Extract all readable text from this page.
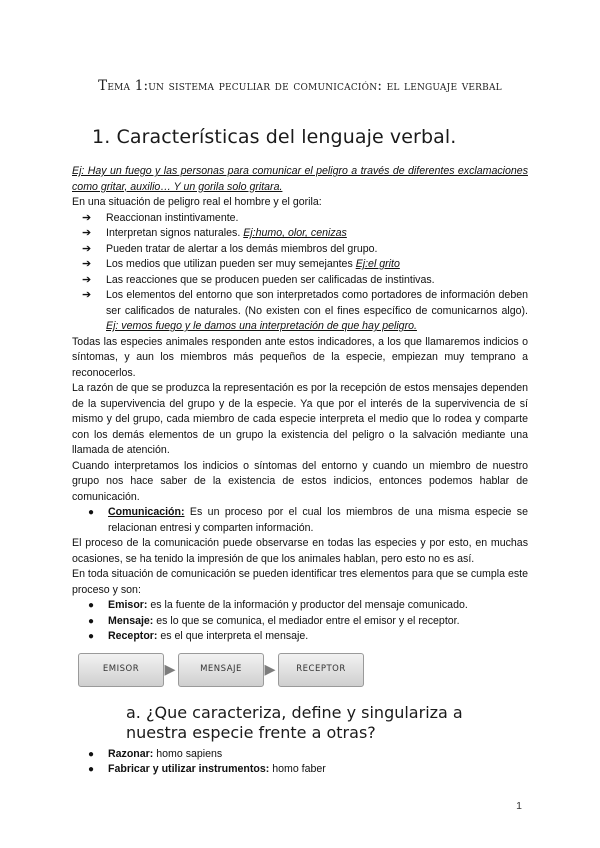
Tema 1:un sistema peculiar de comunicación: el lenguaje verbal
1. Características del lenguaje verbal.

Ej: Hay un fuego y las personas para comunicar el peligro a través de diferentes exclamaciones como gritar, auxilio… Y un gorila solo gritara.

En una situación de peligro real el hombre y el gorila:

➔ Reaccionan instintivamente.
➔ Interpretan signos naturales. Ej:humo, olor, cenizas
➔ Pueden tratar de alertar a los demás miembros del grupo.
➔ Los medios que utilizan pueden ser muy semejantes Ej:el grito
➔ Las reacciones que se producen pueden ser calificadas de instintivas.
➔ Los elementos del entorno que son interpretados como portadores de información deben ser calificados de naturales. (No existen con el fines específico de comunicarnos algo). Ej: vemos fuego y le damos una interpretación de que hay peligro.

Todas las especies animales responden ante estos indicadores, a los que llamaremos indicios o síntomas, y aun los miembros más pequeños de la especie, empiezan muy temprano a reconocerlos.

La razón de que se produzca la representación es por la recepción de estos mensajes dependen de la supervivencia del grupo y de la especie. Ya que por el interés de la supervivencia de sí mismo y del grupo, cada miembro de cada especie interpreta el medio que lo rodea y comparte con los demás elementos de un grupo la existencia del peligro o la salvación mediante una llamada de atención.

Cuando interpretamos los indicios o síntomas del entorno y cuando un miembro de nuestro grupo nos hace saber de la existencia de estos indicios, entonces podemos hablar de comunicación.

● Comunicación: Es un proceso por el cual los miembros de una misma especie se relacionan entresi y comparten información.

El proceso de la comunicación puede observarse en todas las especies y por esto, en muchas ocasiones, se ha tenido la impresión de que los animales hablan, pero esto no es así.

En toda situación de comunicación se pueden identificar tres elementos para que se cumpla este proceso y son:

● Emisor: es la fuente de la información y productor del mensaje comunicado.
● Mensaje: es lo que se comunica, el mediador entre el emisor y el receptor.
● Receptor: es el que interpreta el mensaje.
EMISOR	▸	MENSAJE	▸	RECEPTOR
a. ¿Que caracteriza, define y singulariza a nuestra especie frente a otras?
● Razonar: homo sapiens
● Fabricar y utilizar instrumentos: homo faber
1
